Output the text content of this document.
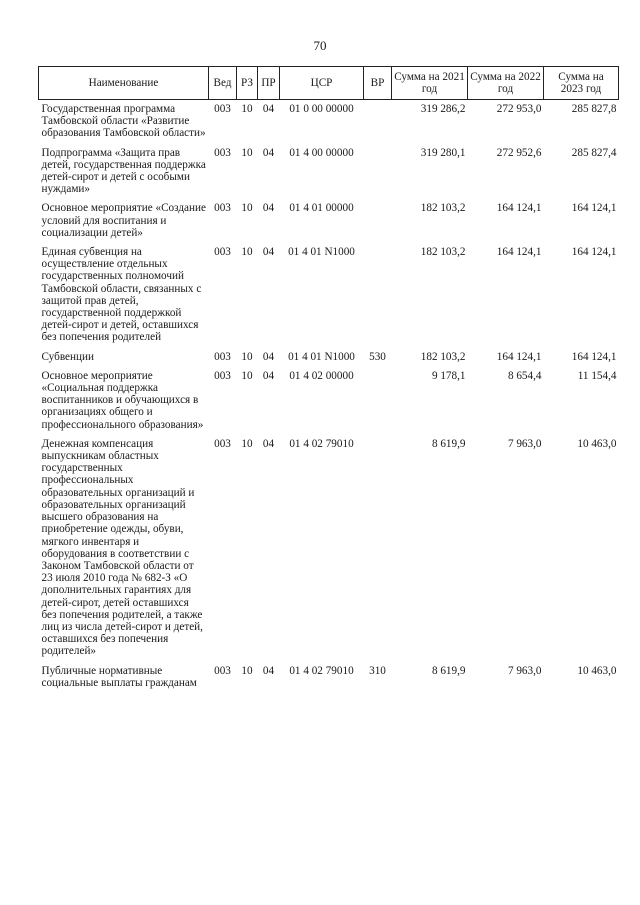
70
Наименование	Вед	РЗ	ПР	ЦСР	ВР	Сумма на 2021 год	Сумма на 2022 год	Сумма на 2023 год
Государственная программа Тамбовской области «Развитие образования Тамбовской области»	003	10	04	01 0 00 00000		319 286,2	272 953,0	285 827,8
Подпрограмма «Защита прав детей, государственная поддержка детей-сирот и детей с особыми нуждами»	003	10	04	01 4 00 00000		319 280,1	272 952,6	285 827,4
Основное мероприятие «Создание условий для воспитания и социализации детей»	003	10	04	01 4 01 00000		182 103,2	164 124,1	164 124,1
Единая субвенция на осуществление отдельных государственных полномочий Тамбовской области, связанных с защитой прав детей, государственной поддержкой детей-сирот и детей, оставшихся без попечения родителей	003	10	04	01 4 01 N1000		182 103,2	164 124,1	164 124,1
Субвенции	003	10	04	01 4 01 N1000	530	182 103,2	164 124,1	164 124,1
Основное мероприятие «Социальная поддержка воспитанников и обучающихся в организациях общего и профессионального образования»	003	10	04	01 4 02 00000		9 178,1	8 654,4	11 154,4
Денежная компенсация выпускникам областных государственных профессиональных образовательных организаций и образовательных организаций высшего образования на приобретение одежды, обуви, мягкого инвентаря и оборудования в соответствии с Законом Тамбовской области от 23 июля 2010 года № 682-З «О дополнительных гарантиях для детей-сирот, детей оставшихся без попечения родителей, а также лиц из числа детей-сирот и детей, оставшихся без попечения родителей»	003	10	04	01 4 02 79010		8 619,9	7 963,0	10 463,0
Публичные нормативные социальные выплаты гражданам	003	10	04	01 4 02 79010	310	8 619,9	7 963,0	10 463,0
